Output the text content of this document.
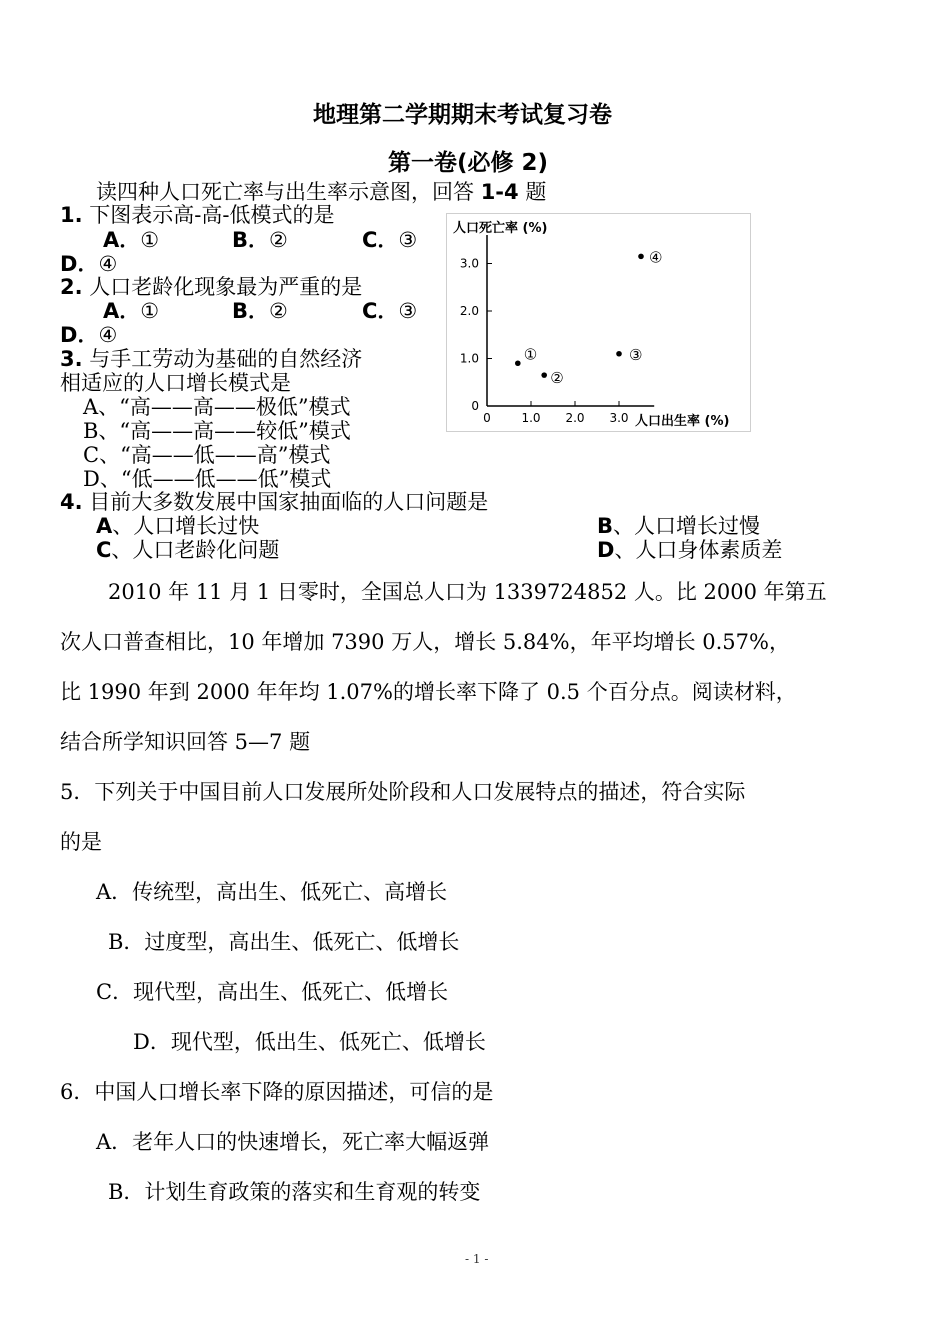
地理第二学期期末考试复习卷
第一卷(必修 2)
读四种人口死亡率与出生率示意图，回答 1-4 题
1. 下图表示高-高-低模式的是
A．①	B．②	C．③
D．④
2. 人口老龄化现象最为严重的是
A．①	B．②	C．③
D．④
3. 与手工劳动为基础的自然经济
相适应的人口增长模式是
A、“高——高——极低”模式
B、“高——高——较低”模式
C、“高——低——高”模式
D、“低——低——低”模式
4. 目前大多数发展中国家抽面临的人口问题是
A、人口增长过快	B、人口增长过慢
C、人口老龄化问题	D、人口身体素质差
人口死亡率 (%)
人口出生率 (%)
0
1.0
2.0
3.0
0	1.0 2.0 3.0
①
②
③
④
2010 年 11 月 1 日零时，全国总人口为 1339724852 人。比 2000 年第五
次人口普查相比，10 年增加 7390 万人，增长 5.84%，年平均增长 0.57%，
比 1990 年到 2000 年年均 1.07%的增长率下降了 0.5 个百分点。阅读材料，
结合所学知识回答 5—7 题
5．下列关于中国目前人口发展所处阶段和人口发展特点的描述，符合实际
的是
A．传统型，高出生、低死亡、高增长
B．过度型，高出生、低死亡、低增长
C．现代型，高出生、低死亡、低增长
D．现代型，低出生、低死亡、低增长
6．中国人口增长率下降的原因描述，可信的是
A．老年人口的快速增长，死亡率大幅返弹
B．计划生育政策的落实和生育观的转变
- 1 -
